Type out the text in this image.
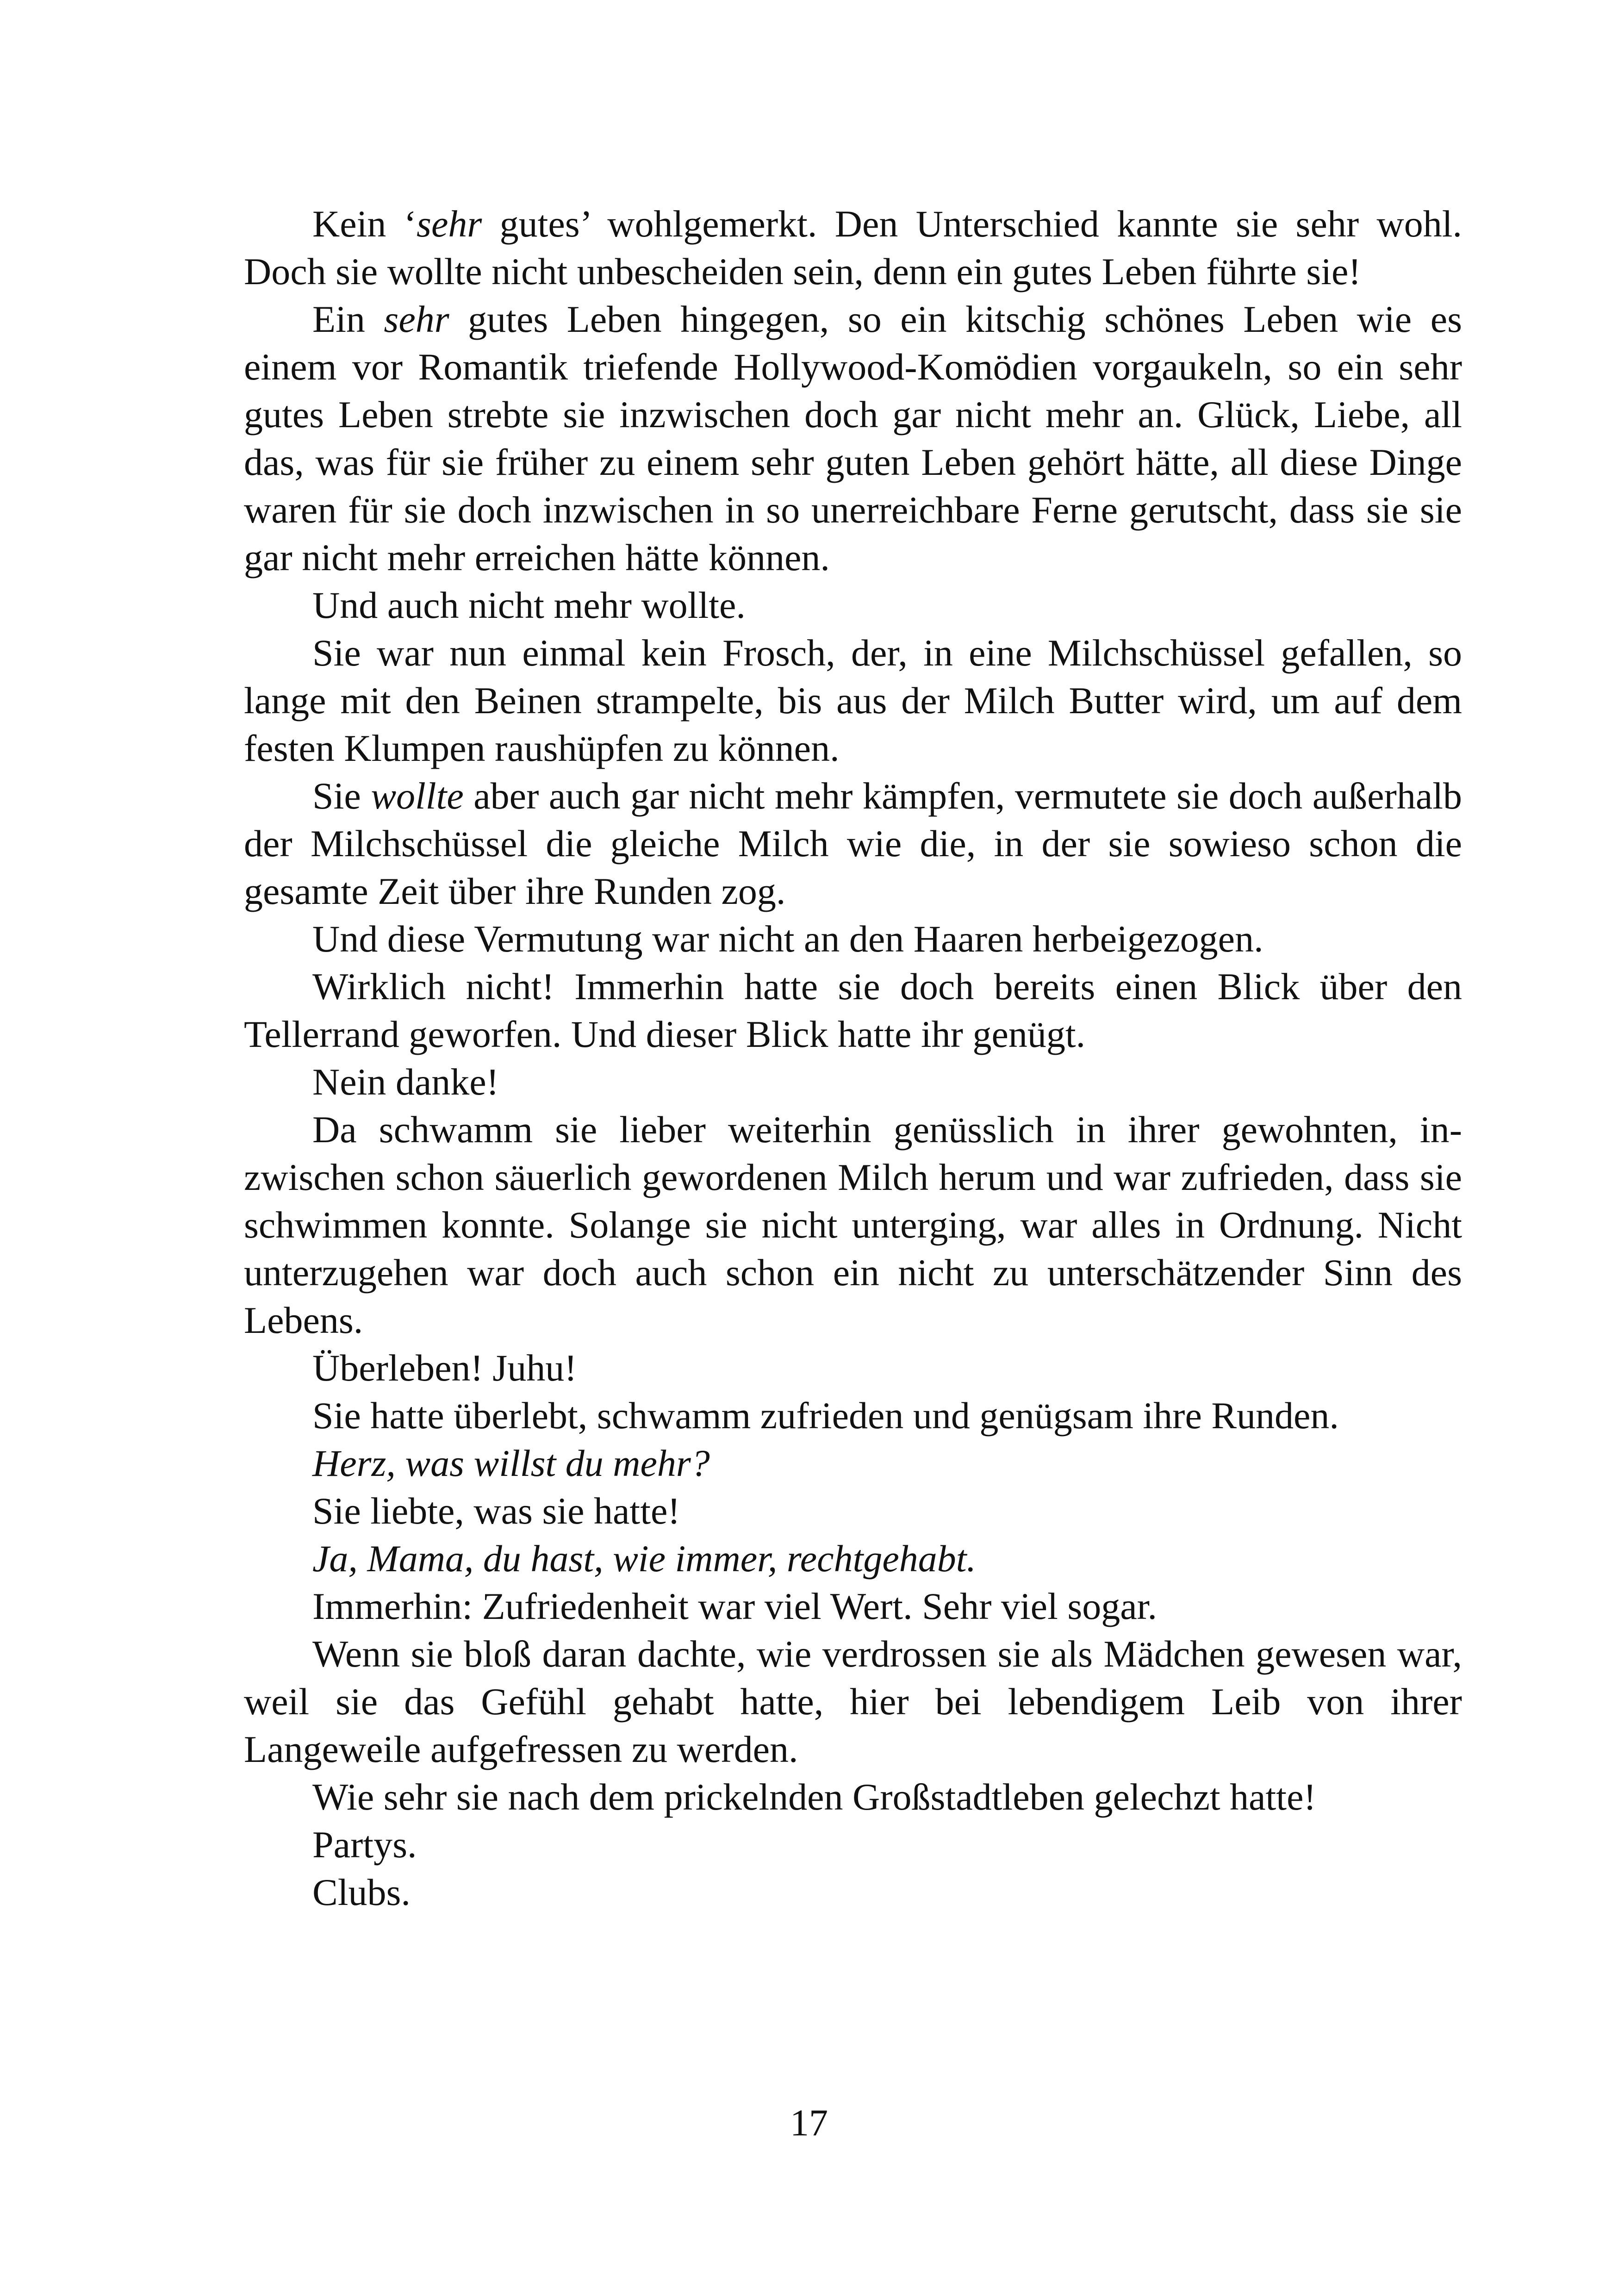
Kein ‘sehr gutes’ wohlgemerkt. Den Unterschied kannte sie sehr wohl. Doch sie wollte nicht unbescheiden sein, denn ein gutes Leben führte sie!

Ein sehr gutes Leben hingegen, so ein kitschig schönes Leben wie es einem vor Romantik triefende Hollywood-Komödien vorgaukeln, so ein sehr gutes Leben strebte sie inzwischen doch gar nicht mehr an. Glück, Liebe, all das, was für sie früher zu einem sehr guten Leben gehört hätte, all diese Dinge waren für sie doch inzwischen in so unerreichbare Ferne gerutscht, dass sie sie gar nicht mehr erreichen hätte können.

Und auch nicht mehr wollte.

Sie war nun einmal kein Frosch, der, in eine Milchschüssel gefallen, so lange mit den Beinen strampelte, bis aus der Milch Butter wird, um auf dem festen Klumpen raushüpfen zu können.

Sie wollte aber auch gar nicht mehr kämpfen, vermutete sie doch außerhalb der Milchschüssel die gleiche Milch wie die, in der sie sowieso schon die gesamte Zeit über ihre Runden zog.

Und diese Vermutung war nicht an den Haaren herbeigezogen.

Wirklich nicht! Immerhin hatte sie doch bereits einen Blick über den Tellerrand geworfen. Und dieser Blick hatte ihr genügt.

Nein danke!

Da schwamm sie lieber weiterhin genüsslich in ihrer gewohnten, inzwischen schon säuerlich gewordenen Milch herum und war zufrieden, dass sie schwimmen konnte. Solange sie nicht unterging, war alles in Ordnung. Nicht unterzugehen war doch auch schon ein nicht zu unterschätzender Sinn des Lebens.

Überleben! Juhu!

Sie hatte überlebt, schwamm zufrieden und genügsam ihre Runden.

Herz, was willst du mehr?

Sie liebte, was sie hatte!

Ja, Mama, du hast, wie immer, rechtgehabt.

Immerhin: Zufriedenheit war viel Wert. Sehr viel sogar.

Wenn sie bloß daran dachte, wie verdrossen sie als Mädchen gewesen war, weil sie das Gefühl gehabt hatte, hier bei lebendigem Leib von ihrer Langeweile aufgefressen zu werden.

Wie sehr sie nach dem prickelnden Großstadtleben gelechzt hatte!

Partys.

Clubs.

17
